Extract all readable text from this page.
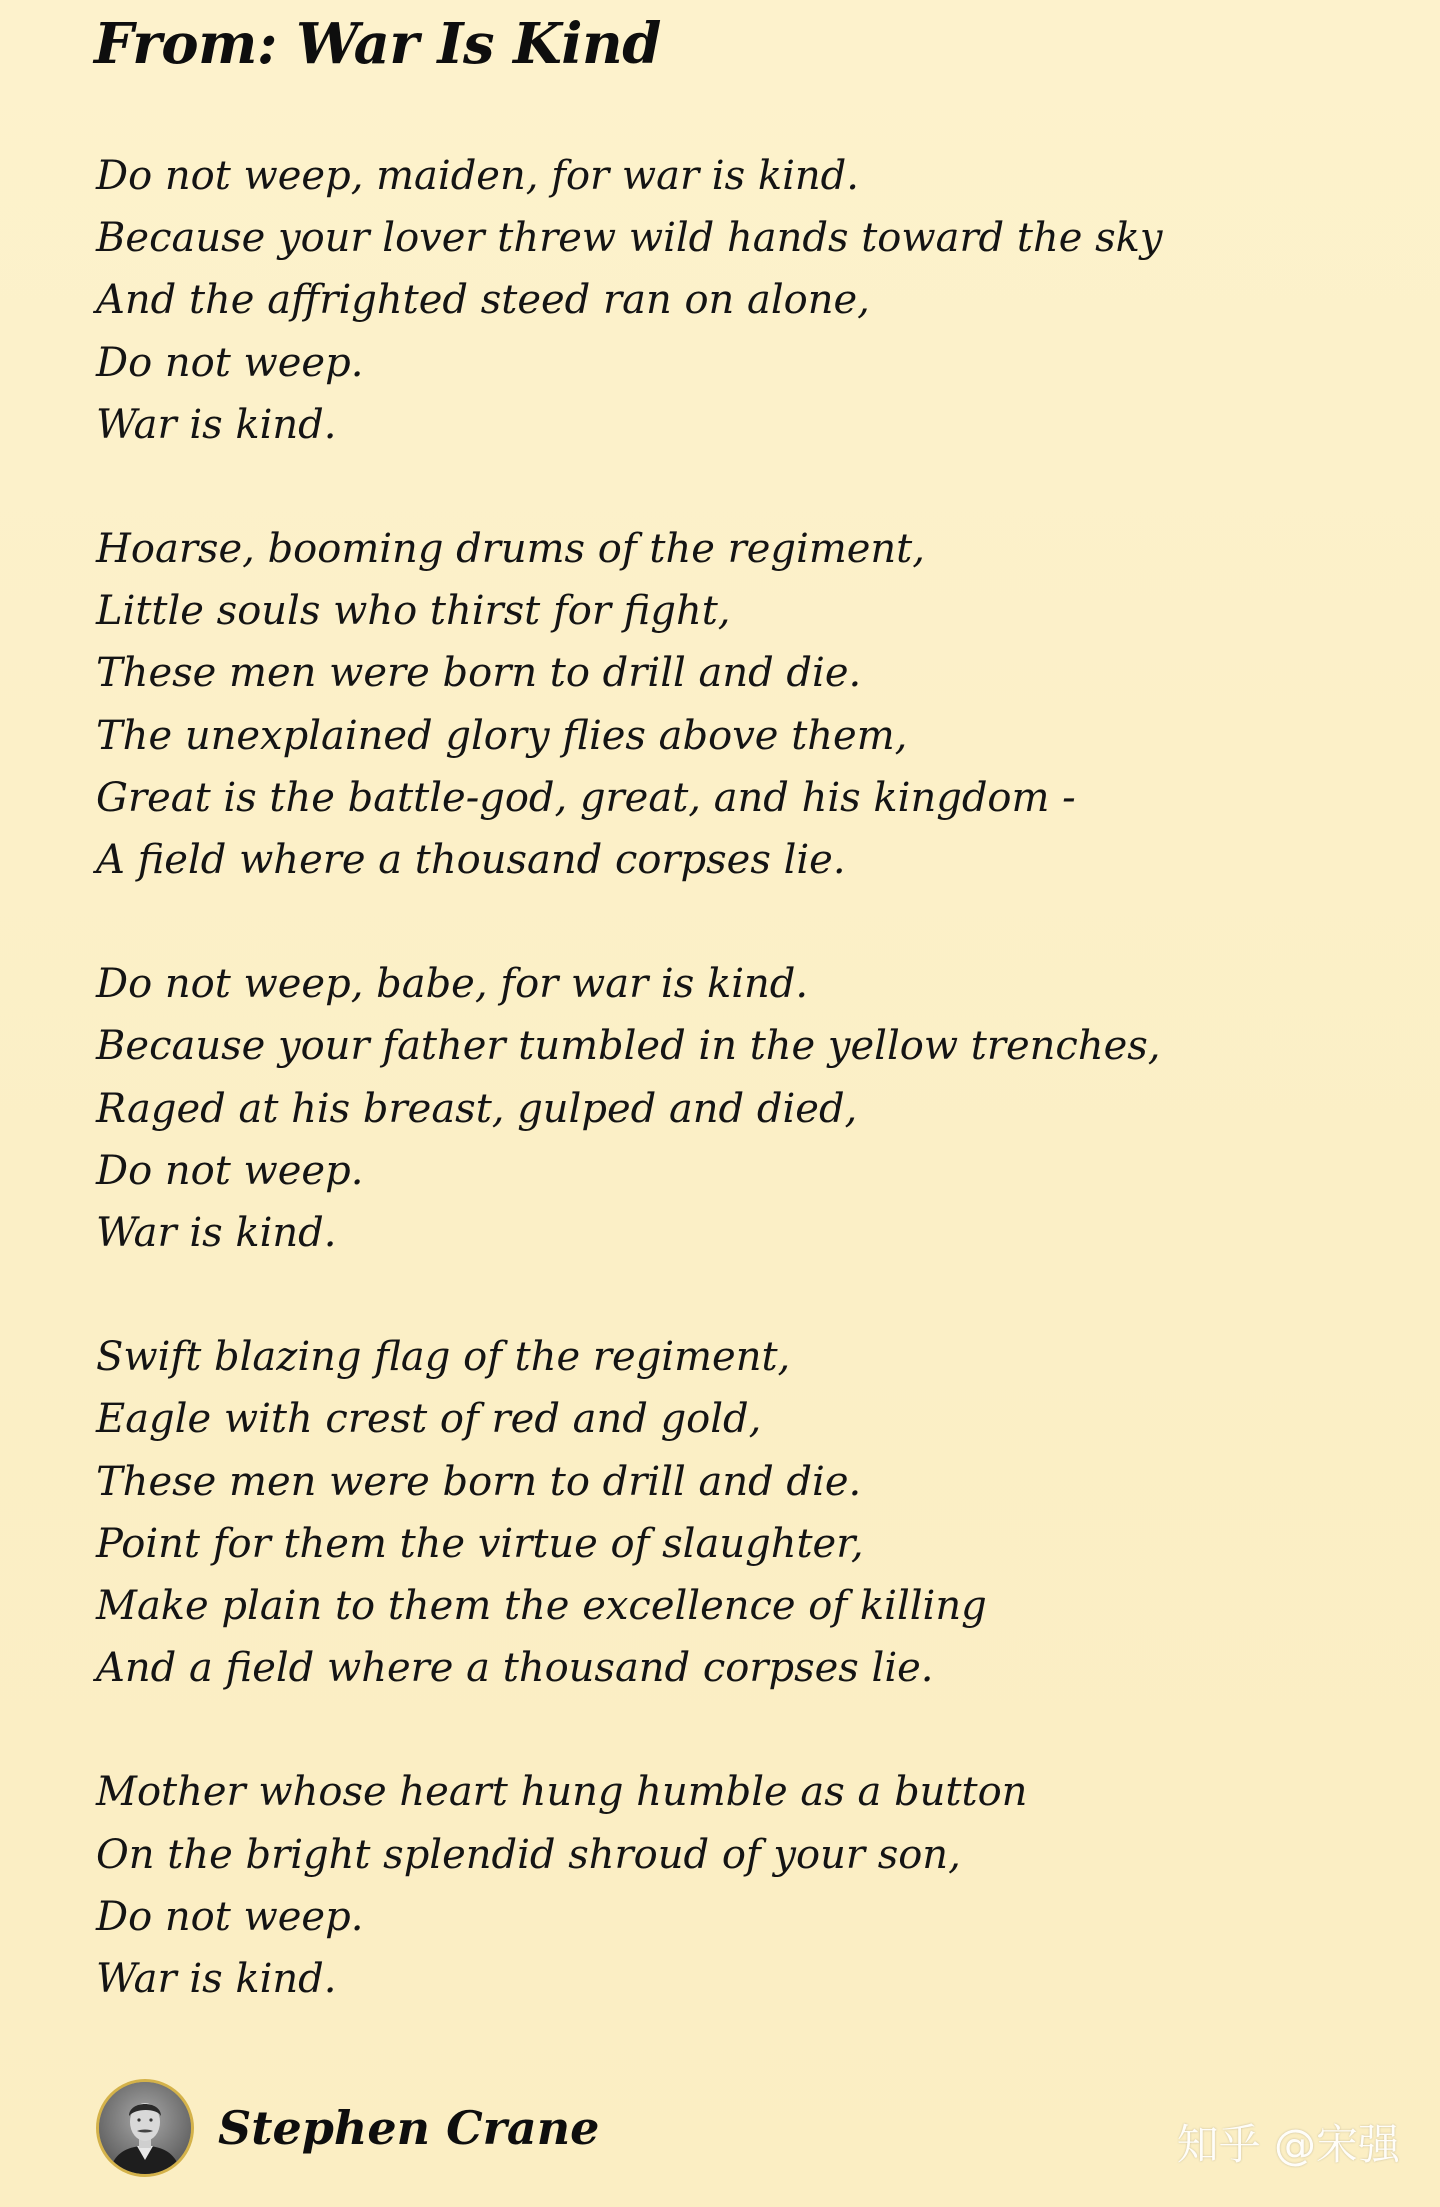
From: War Is Kind
Do not weep, maiden, for war is kind.
Because your lover threw wild hands toward the sky
And the affrighted steed ran on alone,
Do not weep.
War is kind.
Hoarse, booming drums of the regiment,
Little souls who thirst for fight,
These men were born to drill and die.
The unexplained glory flies above them,
Great is the battle-god, great, and his kingdom -
A field where a thousand corpses lie.
Do not weep, babe, for war is kind.
Because your father tumbled in the yellow trenches,
Raged at his breast, gulped and died,
Do not weep.
War is kind.
Swift blazing flag of the regiment,
Eagle with crest of red and gold,
These men were born to drill and die.
Point for them the virtue of slaughter,
Make plain to them the excellence of killing
And a field where a thousand corpses lie.
Mother whose heart hung humble as a button
On the bright splendid shroud of your son,
Do not weep.
War is kind.
Stephen Crane	知乎 @宋强
